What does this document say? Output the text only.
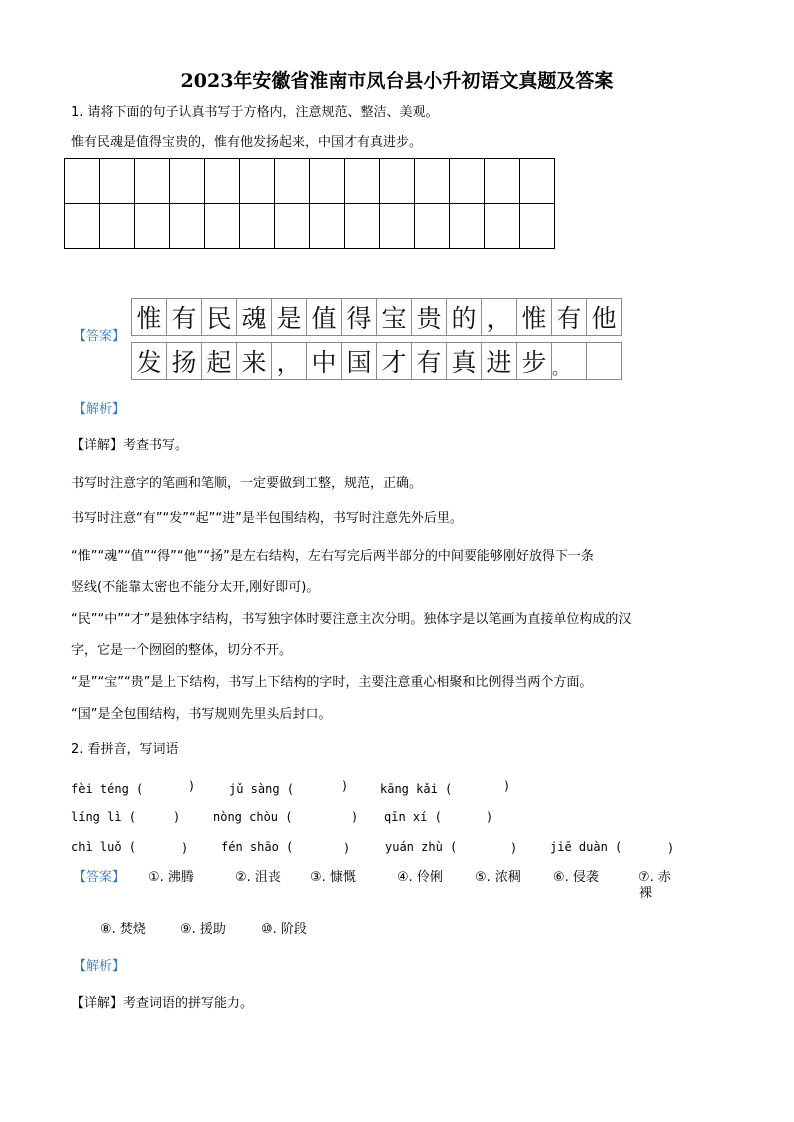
2023年安徽省淮南市凤台县小升初语文真题及答案
1. 请将下面的句子认真书写于方格内，注意规范、整洁、美观。
惟有民魂是值得宝贵的，惟有他发扬起来，中国才有真进步。

【答案】
惟	有	民	魂	是	值	得	宝	贵	的	，	惟	有	他
发	扬	起	来	，	中	国	才	有	真	进	步	。	
【解析】
【详解】考查书写。
书写时注意字的笔画和笔顺，一定要做到工整，规范，正确。
书写时注意“有”“发”“起”“进”是半包围结构，书写时注意先外后里。
“惟”“魂”“值”“得”“他”“扬”是左右结构，左右写完后两半部分的中间要能够刚好放得下一条
竖线(不能靠太密也不能分太开,刚好即可)。
“民”“中”“才”是独体字结构，书写独字体时要注意主次分明。独体字是以笔画为直接单位构成的汉
字，它是一个囫囵的整体，切分不开。
“是”“宝”“贵”是上下结构，书写上下结构的字时，主要注意重心相聚和比例得当两个方面。
“国”是全包围结构，书写规则先里头后封口。
2. 看拼音，写词语
fèi téng (	)	jǔ sàng (	)	kāng kǎi (	)
líng lì (	)	nòng chòu (	) qīn xí (	)
chì luǒ (	)	fén shāo (	)	yuán zhù (	)	jiē duàn (	)
【答案】 ①. 沸腾	②. 沮丧 ③. 慷慨	④. 伶俐 ⑤. 浓稠 ⑥. 侵袭	⑦. 赤
裸
⑧. 焚烧	⑨. 援助	⑩. 阶段
【解析】
【详解】考查词语的拼写能力。
